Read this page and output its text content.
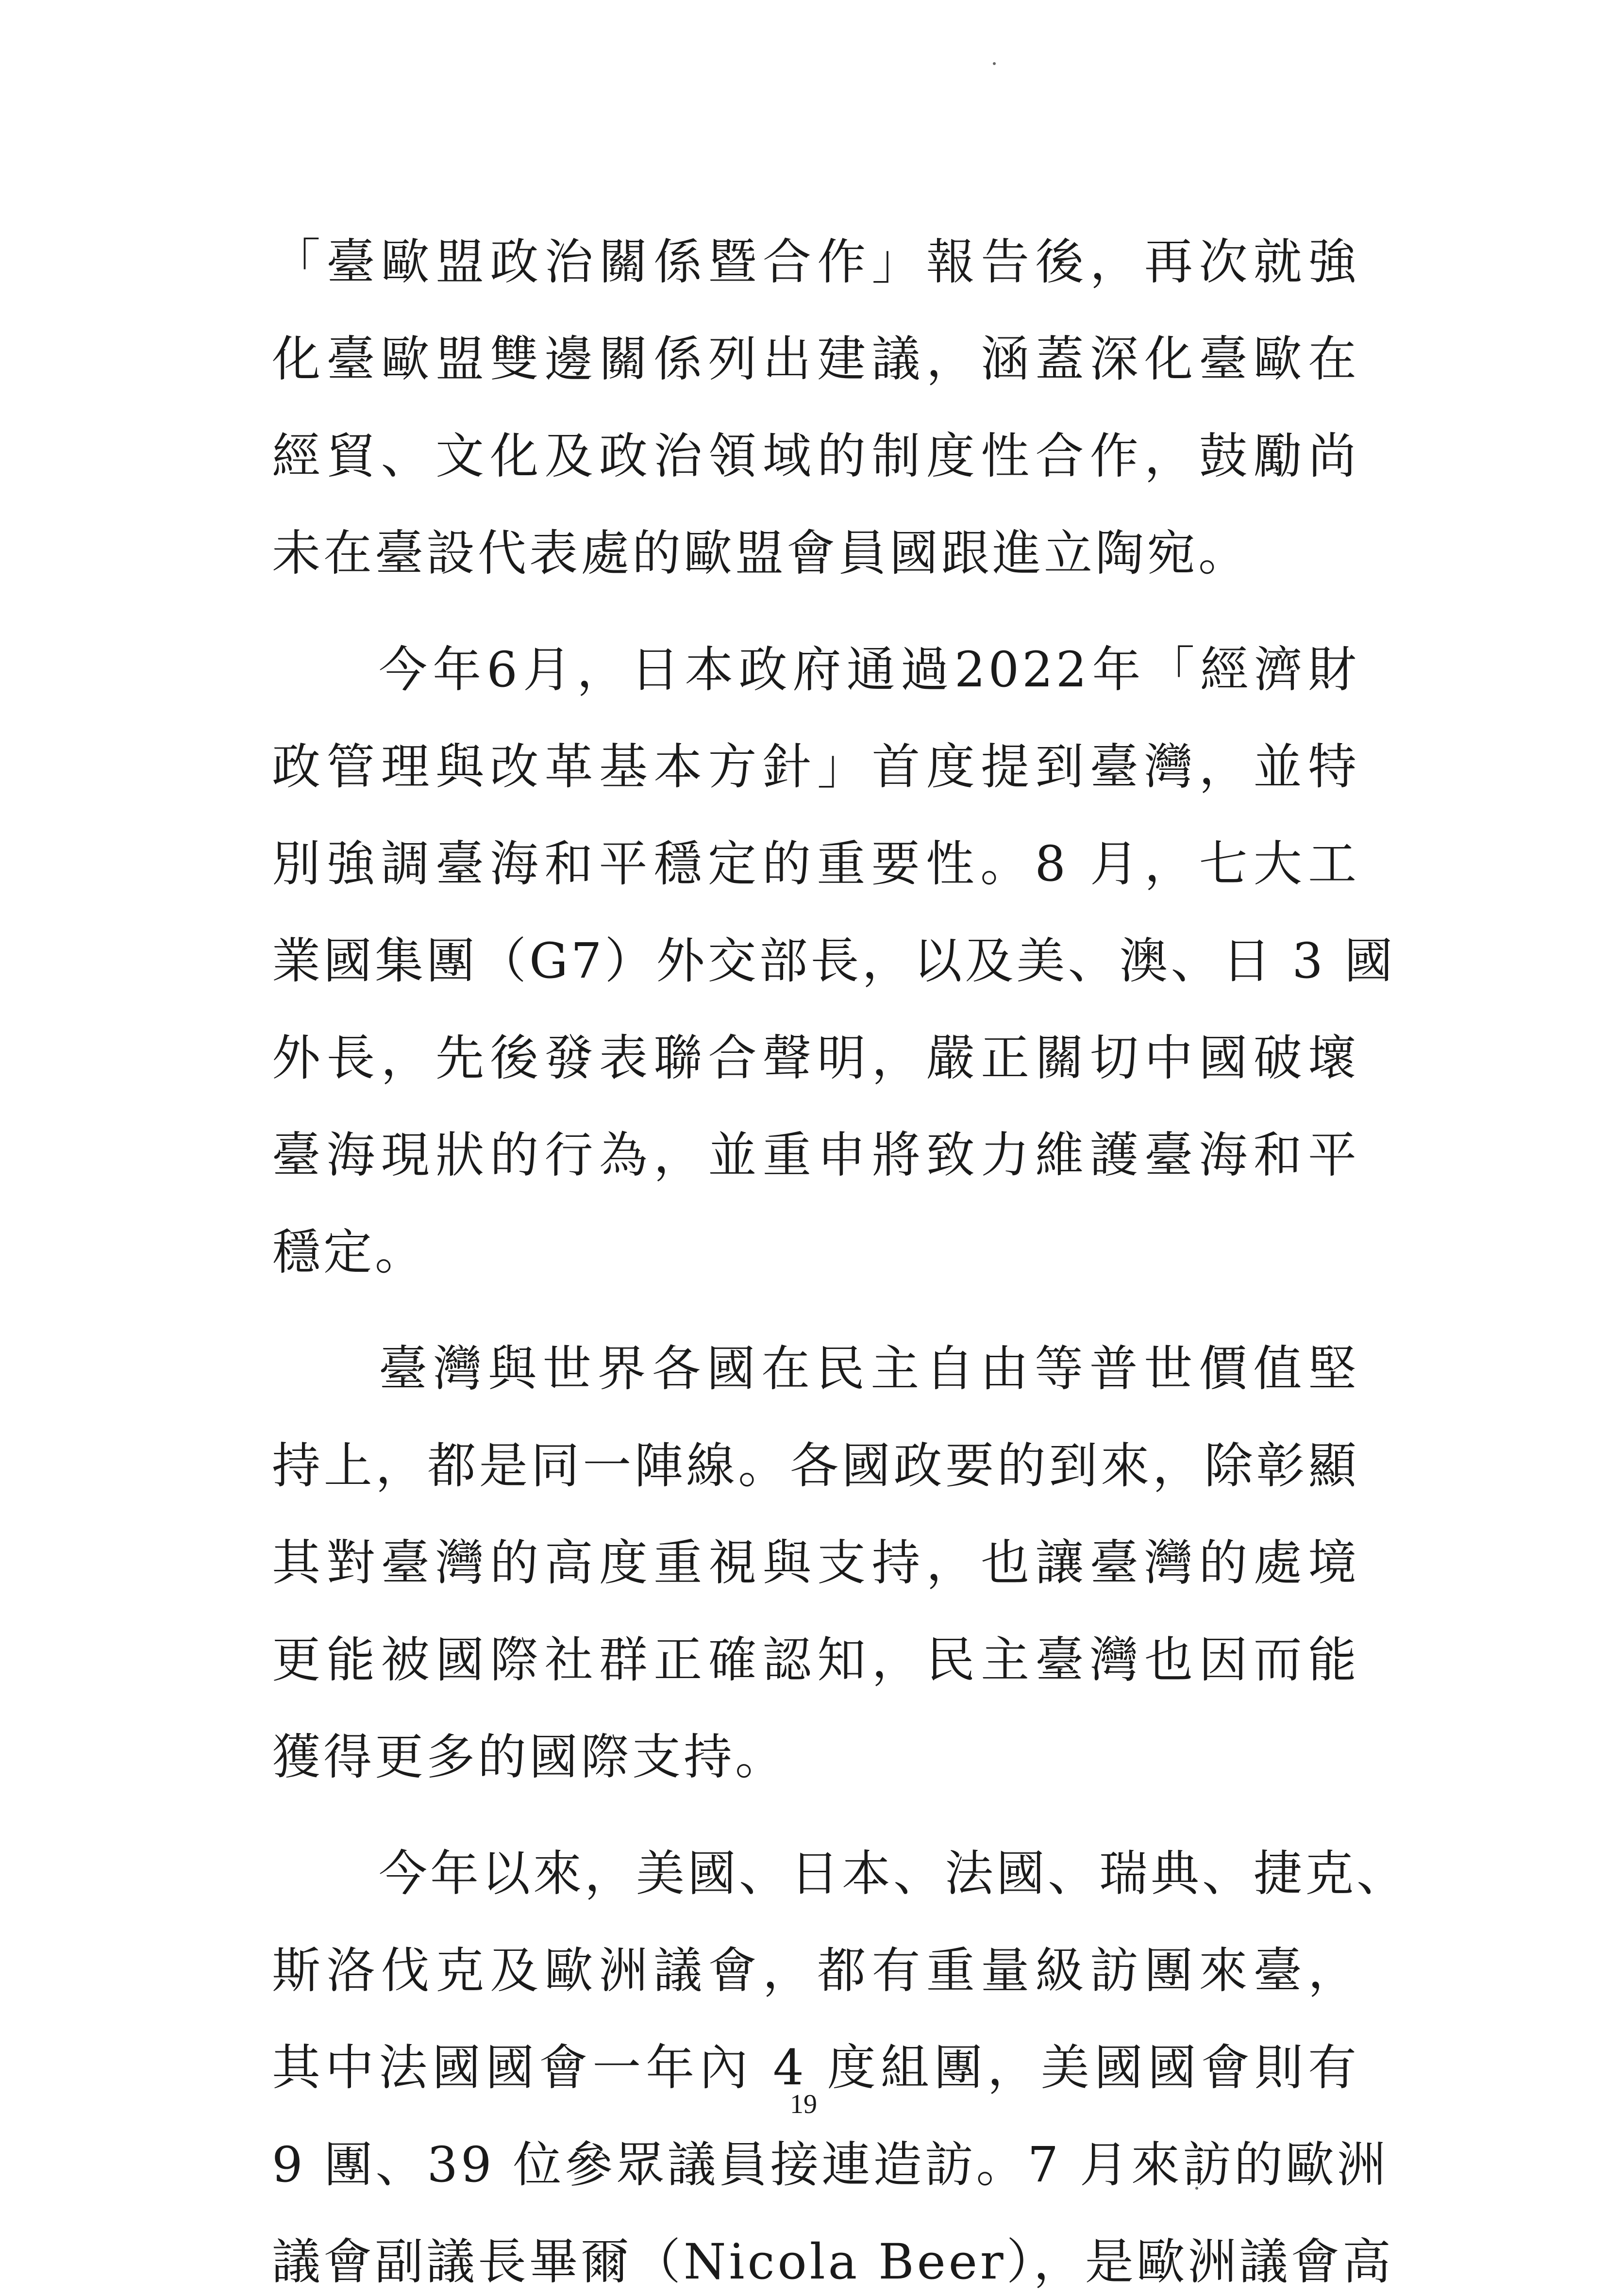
「臺歐盟政治關係暨合作」報告後，再次就強
化臺歐盟雙邊關係列出建議，涵蓋深化臺歐在
經貿、文化及政治領域的制度性合作，鼓勵尚
未在臺設代表處的歐盟會員國跟進立陶宛。
今年6月，日本政府通過2022年「經濟財
政管理與改革基本方針」首度提到臺灣，並特
別強調臺海和平穩定的重要性。8 月，七大工
業國集團（G7）外交部長，以及美、澳、日 3 國
外長，先後發表聯合聲明，嚴正關切中國破壞
臺海現狀的行為，並重申將致力維護臺海和平
穩定。
臺灣與世界各國在民主自由等普世價值堅
持上，都是同一陣線。各國政要的到來，除彰顯
其對臺灣的高度重視與支持，也讓臺灣的處境
更能被國際社群正確認知，民主臺灣也因而能
獲得更多的國際支持。
今年以來，美國、日本、法國、瑞典、捷克、
斯洛伐克及歐洲議會，都有重量級訪團來臺，
其中法國國會一年內 4 度組團，美國國會則有
9 團、39 位參眾議員接連造訪。7 月來訪的歐洲
議會副議長畢爾（Nicola Beer），是歐洲議會高
19
